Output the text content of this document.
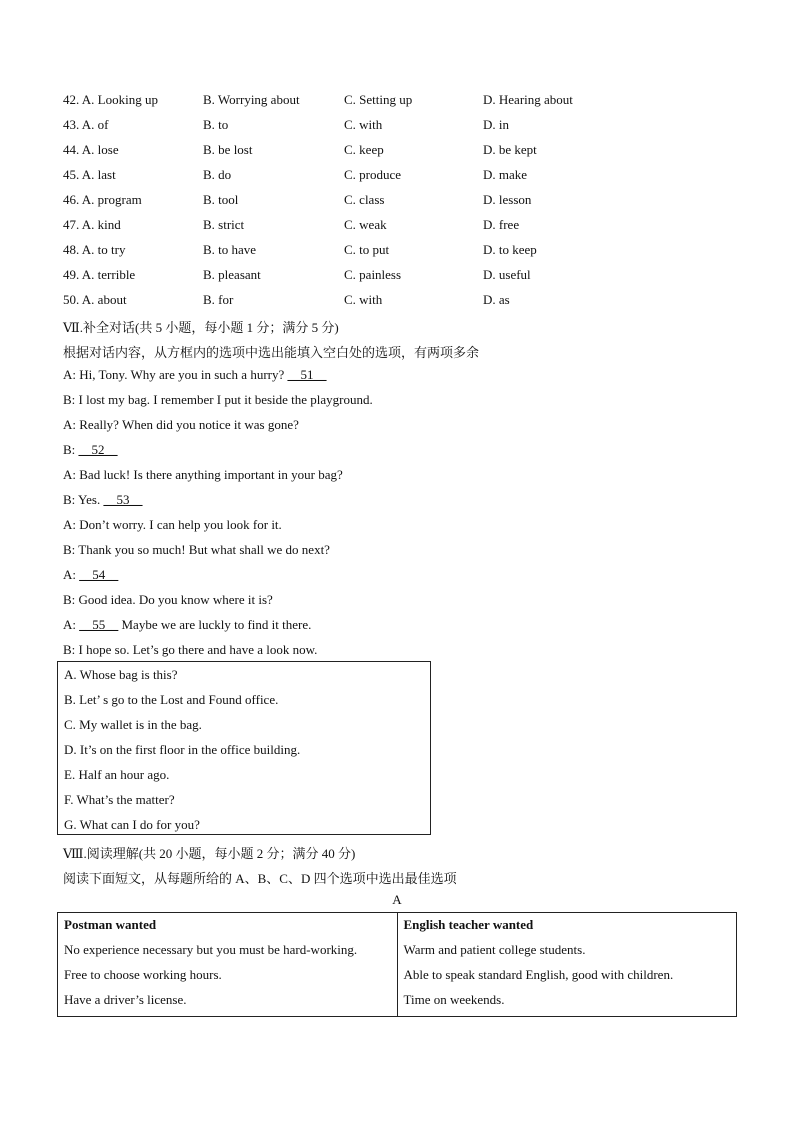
42. A. Looking up	B. Worrying about	C. Setting up	D. Hearing about
43. A. of	B. to	C. with	D. in
44. A. lose	B. be lost	C. keep	D. be kept
45. A. last	B. do	C. produce	D. make
46. A. program	B. tool	C. class	D. lesson
47. A. kind	B. strict	C. weak	D. free
48. A. to try	B. to have	C. to put	D. to keep
49. A. terrible	B. pleasant	C. painless	D. useful
50. A. about	B. for	C. with	D. as
Ⅶ.补全对话(共 5 小题，每小题 1 分；满分 5 分)
根据对话内容，从方框内的选项中选出能填入空白处的选项，有两项多余
A: Hi, Tony. Why are you in such a hurry? __51__
B: I lost my bag. I remember I put it beside the playground.
A: Really? When did you notice it was gone?
B: __52__
A: Bad luck! Is there anything important in your bag?
B: Yes. __53__
A: Don’t worry. I can help you look for it.
B: Thank you so much! But what shall we do next?
A: __54__
B: Good idea. Do you know where it is?
A: __55__ Maybe we are luckly to find it there.
B: I hope so. Let’s go there and have a look now.
A. Whose bag is this?
B. Let’ s go to the Lost and Found office.
C. My wallet is in the bag.
D. It’s on the first floor in the office building.
E. Half an hour ago.
F. What’s the matter?
G. What can I do for you?
Ⅷ.阅读理解(共 20 小题，每小题 2 分；满分 40 分)
阅读下面短文，从每题所给的 A、B、C、D 四个选项中选出最佳选项
A
Postman wanted
No experience necessary but you must be hard-working.
Free to choose working hours.
Have a driver’s license.

English teacher wanted
Warm and patient college students.
Able to speak standard English, good with children.
Time on weekends.
